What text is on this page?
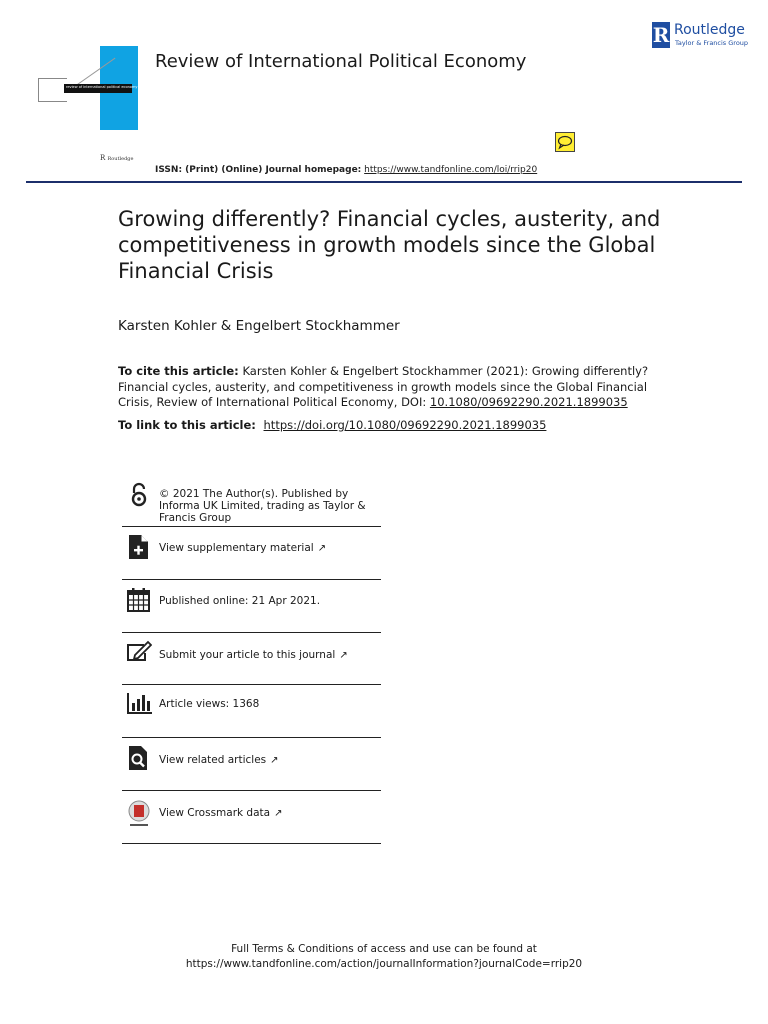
review of international political economy
R Routledge
Review of International Political Economy
R Routledge
Taylor & Francis Group
ISSN: (Print) (Online) Journal homepage: https://www.tandfonline.com/loi/rrip20
Growing differently? Financial cycles, austerity, and competitiveness in growth models since the Global Financial Crisis
Karsten Kohler & Engelbert Stockhammer
To cite this article: Karsten Kohler & Engelbert Stockhammer (2021): Growing differently? Financial cycles, austerity, and competitiveness in growth models since the Global Financial Crisis, Review of International Political Economy, DOI: 10.1080/09692290.2021.1899035
To link to this article: https://doi.org/10.1080/09692290.2021.1899035
© 2021 The Author(s). Published by Informa UK Limited, trading as Taylor & Francis Group
View supplementary material ↗
Published online: 21 Apr 2021.
Submit your article to this journal ↗
Article views: 1368
View related articles ↗
View Crossmark data ↗
Full Terms & Conditions of access and use can be found at
https://www.tandfonline.com/action/journalInformation?journalCode=rrip20
